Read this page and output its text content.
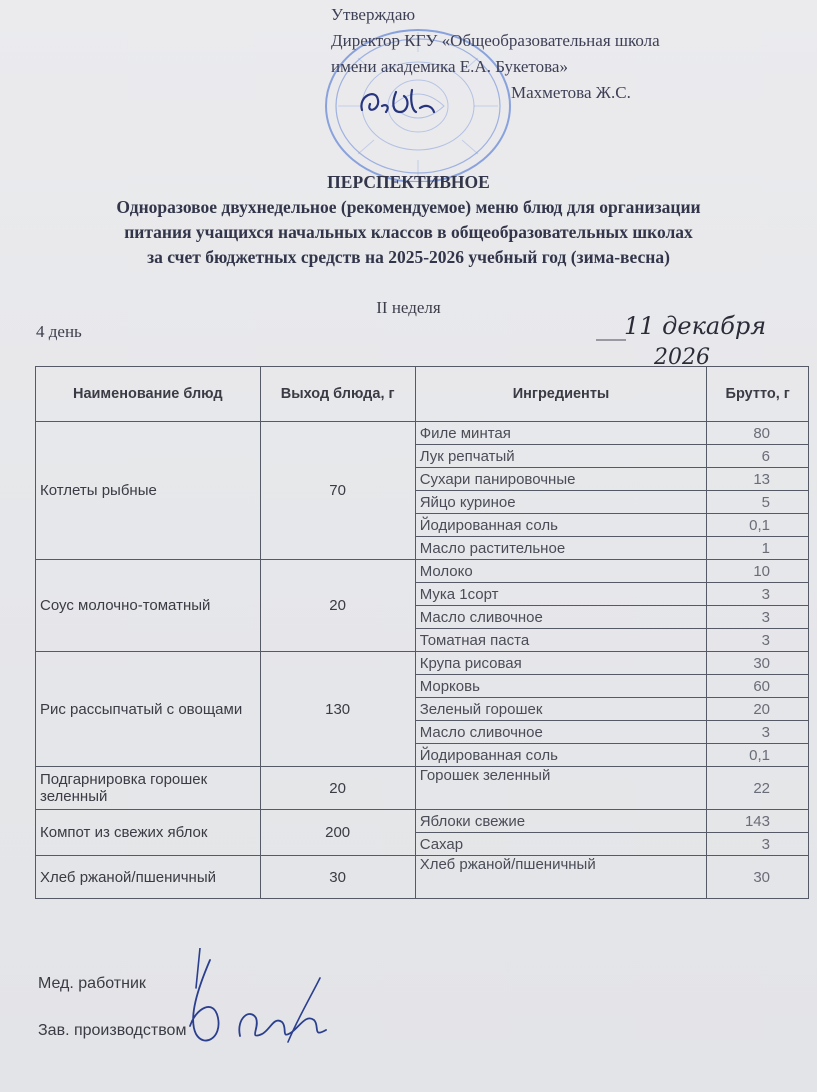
Утверждаю
Директор КГУ «Общеобразовательная школа
имени академика Е.А. Букетова»
Махметова Ж.С.
ПЕРСПЕКТИВНОЕ
Одноразовое двухнедельное (рекомендуемое) меню блюд для организации
питания учащихся начальных классов в общеобразовательных школах
за счет бюджетных средств на 2025-2026 учебный год (зима-весна)
II неделя
4 день	11 декабря
2026
Наименование блюд	Выход блюда, г	Ингредиенты	Брутто, г
Котлеты рыбные	70	Филе минтая	80
		Лук репчатый	6
		Сухари панировочные	13
		Яйцо куриное	5
		Йодированная соль	0,1
		Масло растительное	1
Соус молочно-томатный	20	Молоко	10
		Мука 1сорт	3
		Масло сливочное	3
		Томатная паста	3
Рис рассыпчатый с овощами	130	Крупа рисовая	30
		Морковь	60
		Зеленый горошек	20
		Масло сливочное	3
		Йодированная соль	0,1
Подгарнировка горошек зеленный	20	Горошек зеленный	22
Компот из свежих яблок	200	Яблоки свежие	143
		Сахар	3
Хлеб ржаной/пшеничный	30	Хлеб ржаной/пшеничный	30
Мед. работник
Зав. производством
